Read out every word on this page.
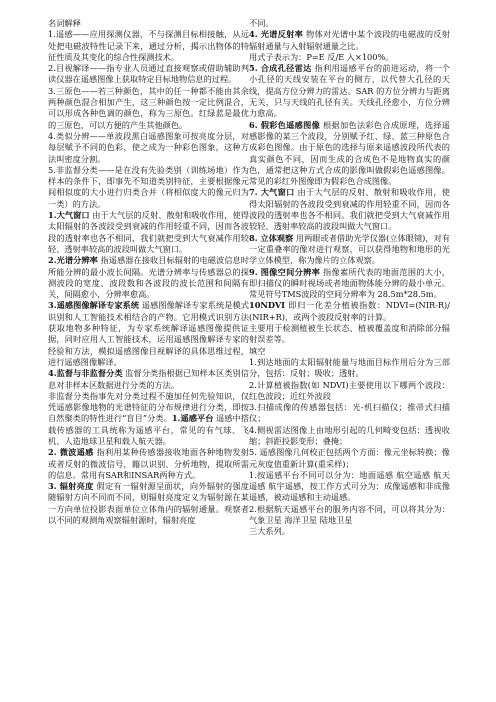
名词解释

1.遥感——应用探测仪器，不与探测目标相接触，从远处把电磁波特性记录下来，通过分析，揭示出物体的特征性质及其变化的综合性探测技术。

2.目视解译——指专业人员通过直接观察或借助辅助判读仪器在遥感图像上获取特定目标地物信息的过程。

3.三原色——若三种颜色，其中的任一种都不能由其余两种颜色混合相加产生，这三种颜色按一定比例混合，可以形成各种色调的颜色，称为三原色。红绿蓝是最优的三原色，可以方便的产生其他颜色。

4.类似分辨——单波段黑白遥感图象可按亮度分层，对每层赋予不同的色彩，使之成为一种彩色图象，这种方法叫密度分割。

5.非监督分类——是在没有先验类别（训练场地）作为样本的条件下，即事先不知道类别特征，主要根据像元间相似度的大小进行归类合并（将相似度大的像元归为一类）的方法。

1.大气窗口 由于大气层的反射、散射和吸收作用，使得太阳辐射的各波段受到衰减的作用轻重不同，因而各波段的透射率也各不相同，我们就把受到大气衰减作用较轻、透射率较高的波段叫做大气窗口。

2.光谱分辨率 指遥感器在接收目标辐射的电磁波信息时所能分辨的最小波长间隔。光谱分辨率与传感器总的探测波段的宽度、波段数和各波段的波长范围和间隔有关，间隔愈小，分辨率愈高。

3.遥感图像解译专家系统 遥感图像解译专家系统是模式识别和人工智能技术相结合的产物。它用模式识别方法获取地物多种特征，为专家系统解译遥感图像提供证据，同时应用人工智能技术，运用遥感图像解译专家的经验和方法，模拟遥感图像目视解译的具体思维过程，进行遥感图像解译。

4.监督与非监督分类 监督分类指根据已知样本区类别信息对非样本区数据进行分类的方法。

非监督分类指事先对分类过程不施加任何先验知识，仅凭遥感影像地物的光谱特征的分布规律进行分类，即按自然聚类的特性进行“盲目”分类。1.遥感平台 遥感中搭载传感器的工具统称为遥感平台，常见的有气球、飞机、人造地球卫星和载人航天器。

2. 微波遥感 指利用某种传感器接收地面各种地物发射或者反射的微波信号，籍以识别、分析地物，提取所需的信息。常用有SAR和INSAR两种方式。

3. 辐射亮度 假定有一辐射源呈面状，向外辐射的强度随辐射方向不同而不同，则辐射亮度定义为辐射源在某一方向单位投影表面单位立体角内的辐射通量。观察者以不同的观测角观察辐射源时，辐射亮度

不同。

4. 光谱反射率 物体对光谱中某个波段的电磁波的反射辐射通量与入射辐射通量之比。

用式子表示为：P=E 反/E 入×100%。

5. 合成孔径雷达 指利用遥感平台的前进运动，将一个小孔径的天线安装在平台的侧方，以代替大孔径的天线，提高方位分辨力的雷达。SAR 的方位分辨力与距离无关，只与天线的孔径有关。天线孔径愈小，方位分辨力愈高。

6. 假彩色遥感图像 根据加色法彩色合成原理，选择遥感影像的某三个波段，分别赋予红、绿、蓝三种原色合成彩色图像。由于原色的选择与原来遥感波段所代表的真实颜色不同，因而生成的合成色不是地物真实的颜色，通常把这种方式合成的影像叫做假彩色遥感图像。常见的彩红外图像即为假彩色合成图像。

7. 大气窗口 由于大气层的反射、散射和吸收作用，使得太阳辐射的各波段受到衰减的作用轻重不同，因而各波段的透射率也各不相同。我们就把受到大气衰减作用较轻、透射率较高的波段叫做大气窗口。

8. 立体观察 用两眼或者借助光学仪器(立体眼镜)，对有一定重叠率的像对进行观察，可以获得地物和地形的光学立体模型，称为像片的立体观察。

9. 图像空间分辨率 指像素所代表的地面范围的大小，即扫描仪的瞬时视场或者地面物体能分辨的最小单元。常见符号TMS波段的空间分辨率为 28.5m*28.5m。

10NDVI 即归一化差分植被指数：NDVI=(NIR-R)/(NIR+R)，或两个波段反射率的计算。

主要用于检测植被生长状态、植被覆盖度和消除部分辐射误差等。

填空

1.到达地面的太阳辐射能量与地面目标作用后分为三部分，包括：反射；吸收；透射。

2.计算植被指数(如 NDVI)主要使用以下哪两个波段： 红色波段；近红外波段

3.扫描成像的传感器包括：光-机扫描仪；推帚式扫描仪；

4.侧视雷达图像上由地形引起的几何畸变包括：透视收缩；斜距投影变形；叠掩；

5. 遥感图像几何校正包括两个方面：像元坐标转换；像元灰度值重新计算(重采样)；

1.按遥感平台不同可以分为：地面遥感 航空遥感 航天遥感 航宇遥感，按工作方式可分为：成像遥感和非成像遥感，被动遥感和主动遥感。

2.根据航天遥感平台的服务内容不同，可以将其分为：气象卫星 海洋卫星 陆地卫星

三大系列。
